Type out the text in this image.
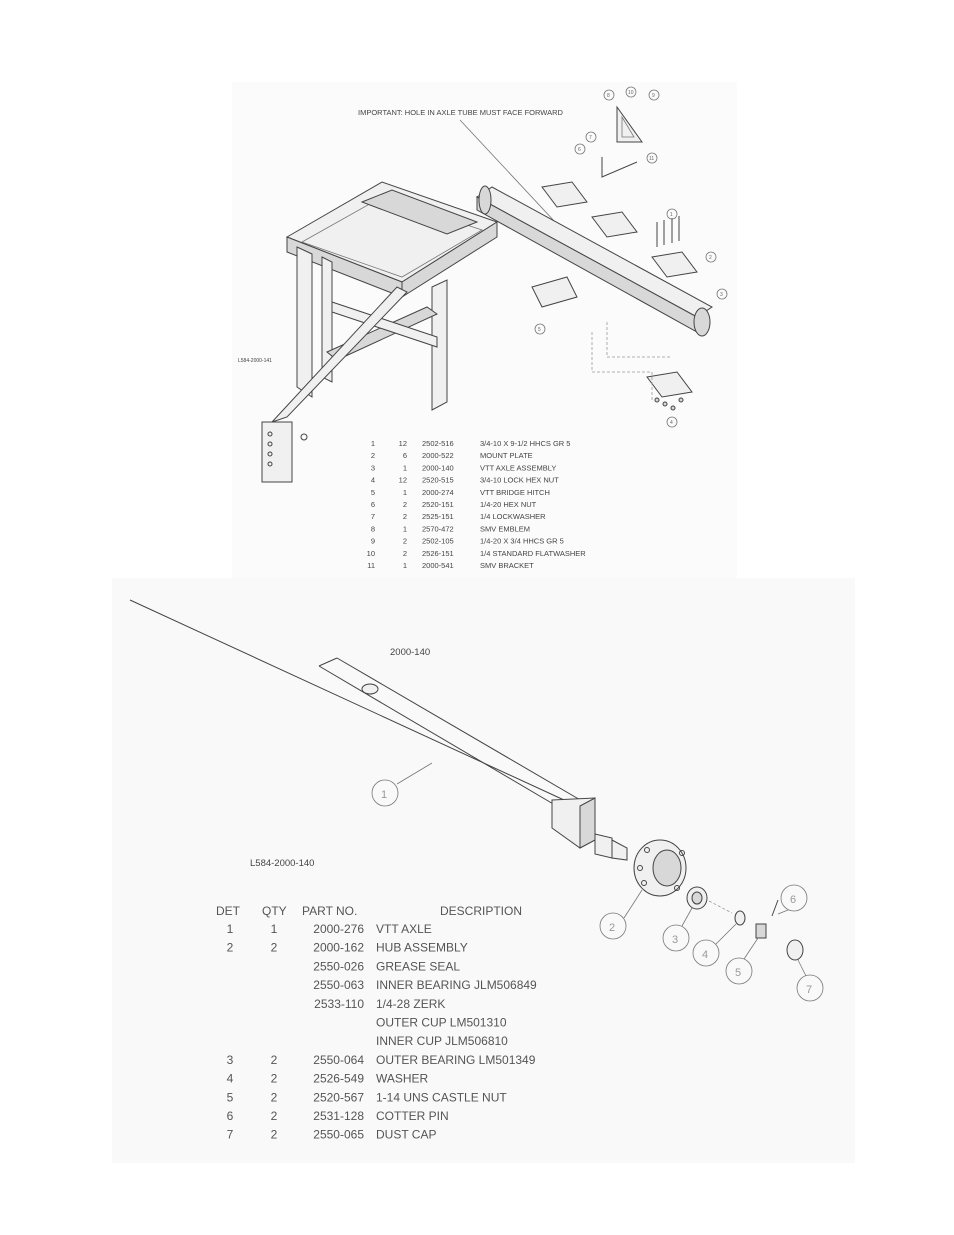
IMPORTANT: HOLE IN AXLE TUBE MUST FACE FORWARD
L584-2000-141
1
2
3
4
5
6
7
8	9
10
11
1	12 2502-516	3/4-10 X 9-1/2 HHCS GR 5
2	6 2000-522	MOUNT PLATE
3	1 2000-140	VTT AXLE ASSEMBLY
4	12 2520-515	3/4-10 LOCK HEX NUT
5	1 2000-274	VTT BRIDGE HITCH
6	2 2520-151	1/4-20 HEX NUT
7	2 2525-151	1/4 LOCKWASHER
8	1 2570-472	SMV EMBLEM
9	2 2502-105	1/4-20 X 3/4 HHCS GR 5
10	2 2526-151	1/4 STANDARD FLATWASHER
11	1 2000-541	SMV BRACKET
2000-140
1
2
3
4
5
6
7
L584-2000-140
DET QTY PART NO.	DESCRIPTION
1	1	2000-276 VTT AXLE
2	2	2000-162 HUB ASSEMBLY
2550-026 GREASE SEAL
2550-063 INNER BEARING JLM506849
2533-110 1/4-28 ZERK
OUTER CUP LM501310
INNER CUP JLM506810
3	2	2550-064 OUTER BEARING LM501349
4	2	2526-549 WASHER
5	2	2520-567 1-14 UNS CASTLE NUT
6	2	2531-128 COTTER PIN
7	2	2550-065 DUST CAP
